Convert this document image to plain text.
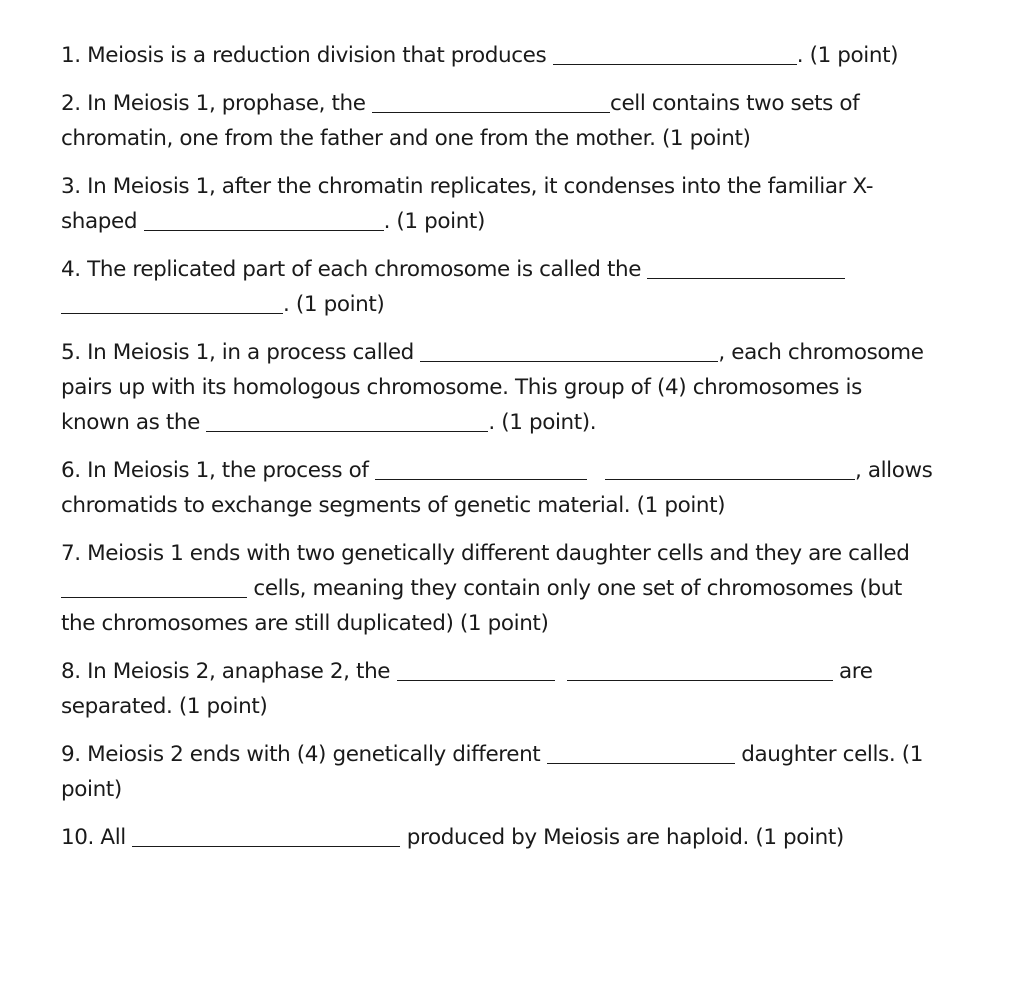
1. Meiosis is a reduction division that produces	. (1 point)

2. In Meiosis 1, prophase, the	cell contains two sets of
chromatin, one from the father and one from the mother. (1 point)

3. In Meiosis 1, after the chromatin replicates, it condenses into the familiar X-
shaped	. (1 point)

4. The replicated part of each chromosome is called the
. (1 point)

5. In Meiosis 1, in a process called	, each chromosome
pairs up with its homologous chromosome. This group of (4) chromosomes is
known as the	. (1 point).

6. In Meiosis 1, the process of	, allows
chromatids to exchange segments of genetic material. (1 point)

7. Meiosis 1 ends with two genetically different daughter cells and they are called
cells, meaning they contain only one set of chromosomes (but
the chromosomes are still duplicated) (1 point)

8. In Meiosis 2, anaphase 2, the	are
separated. (1 point)

9. Meiosis 2 ends with (4) genetically different	daughter cells. (1
point)

10. All	produced by Meiosis are haploid. (1 point)
